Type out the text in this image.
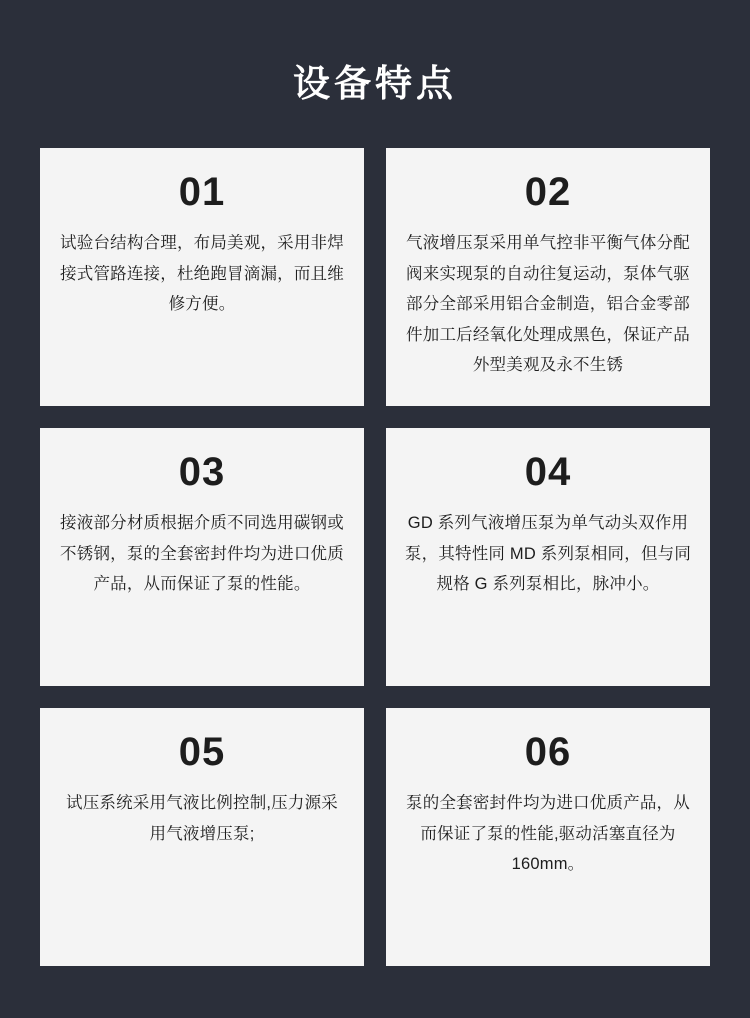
设备特点
01
试验台结构合理，布局美观，采用非焊接式管路连接，杜绝跑冒滴漏，而且维修方便。
02
气液增压泵采用单气控非平衡气体分配阀来实现泵的自动往复运动，泵体气驱部分全部采用铝合金制造，铝合金零部件加工后经氧化处理成黑色，保证产品外型美观及永不生锈
03
接液部分材质根据介质不同选用碳钢或不锈钢，泵的全套密封件均为进口优质产品，从而保证了泵的性能。
04
GD 系列气液增压泵为单气动头双作用泵，其特性同 MD 系列泵相同，但与同规格 G 系列泵相比，脉冲小。
05
试压系统采用气液比例控制,压力源采用气液增压泵;
06
泵的全套密封件均为进口优质产品，从而保证了泵的性能,驱动活塞直径为160mm。
